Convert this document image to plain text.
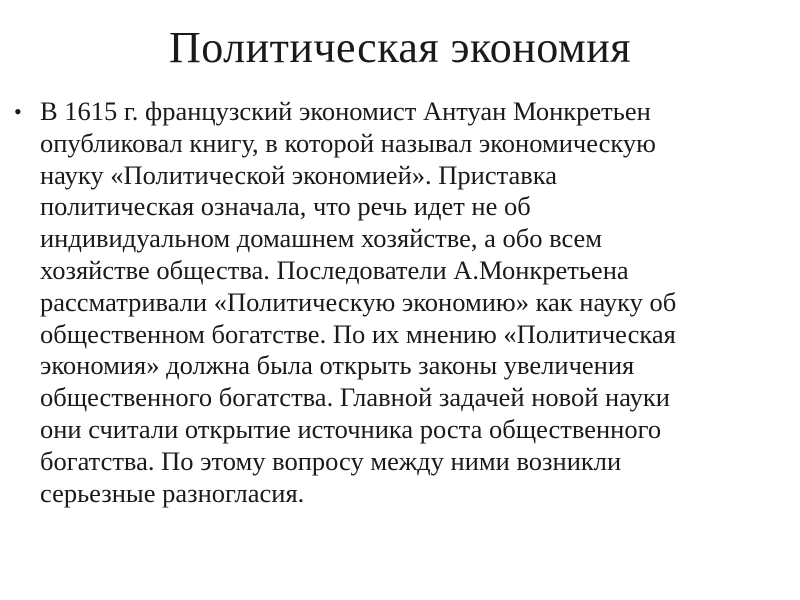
Политическая экономия
• В 1615 г. французский экономист Антуан Монкретьен
опубликовал книгу, в которой называл экономическую
науку «Политической экономией». Приставка
политическая означала, что речь идет не об
индивидуальном домашнем хозяйстве, а обо всем
хозяйстве общества. Последователи А.Монкретьена
рассматривали «Политическую экономию» как науку об
общественном богатстве. По их мнению «Политическая
экономия» должна была открыть законы увеличения
общественного богатства. Главной задачей новой науки
они считали открытие источника роста общественного
богатства. По этому вопросу между ними возникли
серьезные разногласия.
